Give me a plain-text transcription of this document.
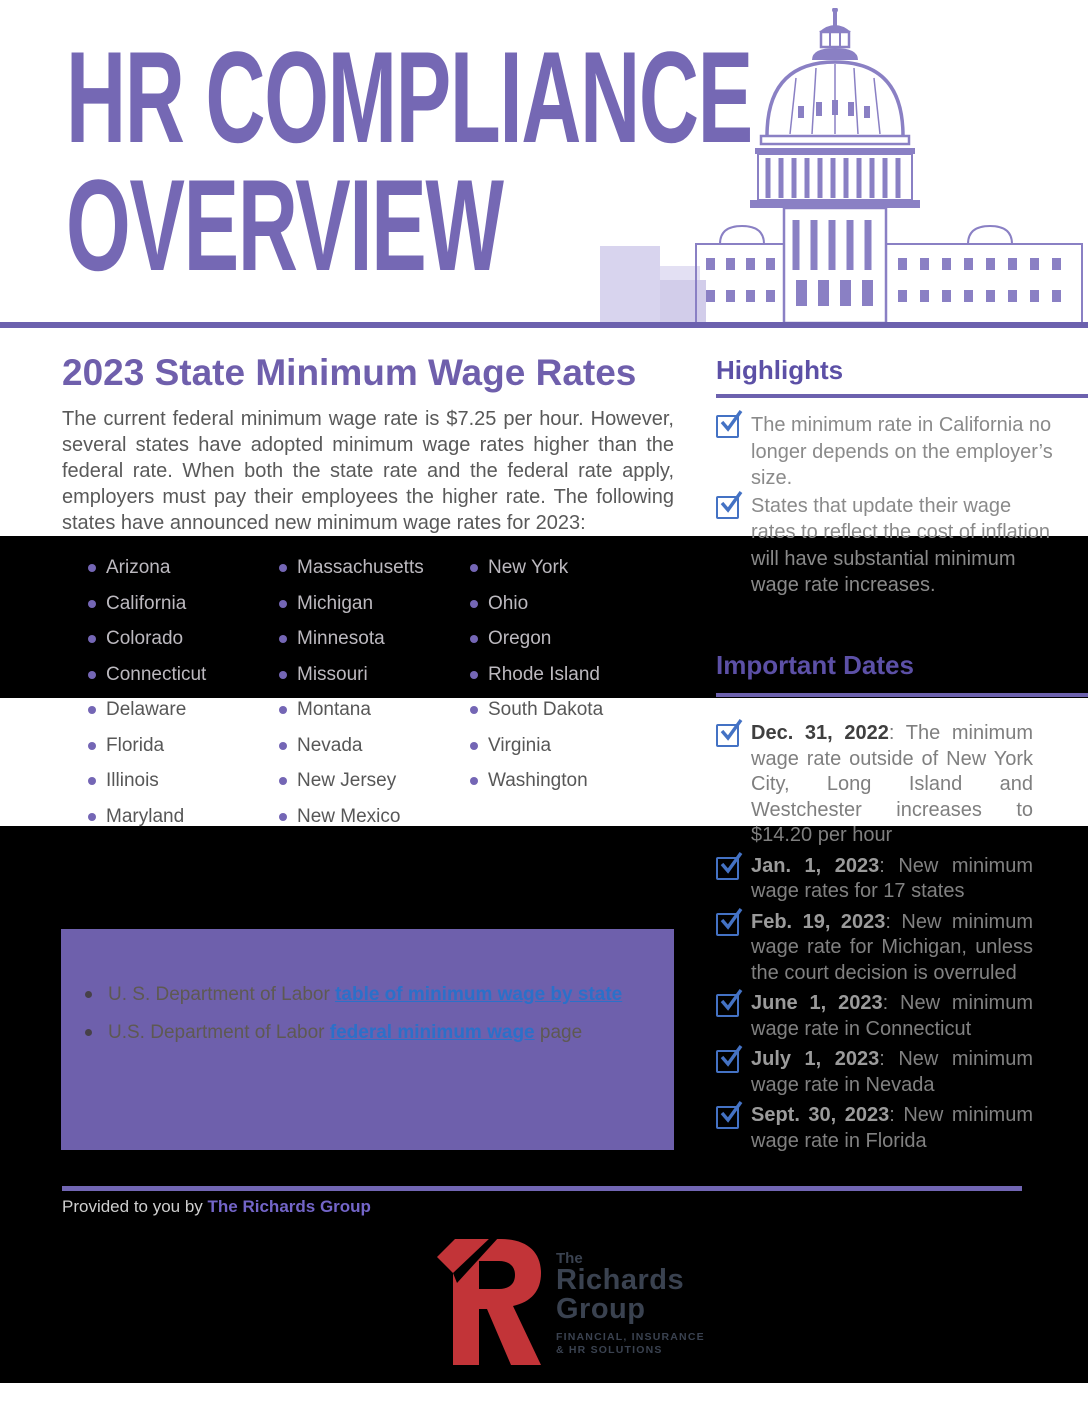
HR COMPLIANCE
OVERVIEW
2023 State Minimum Wage Rates
The current federal minimum wage rate is $7.25 per hour. However, several states have adopted minimum wage rates higher than the federal rate. When both the state rate and the federal rate apply, employers must pay their employees the higher rate. The following states have announced new minimum wage rates for 2023:
Arizona
California
Colorado
Connecticut
Delaware
Florida
Illinois
Maryland
Massachusetts
Michigan
Minnesota
Missouri
Montana
Nevada
New Jersey
New Mexico
New York
Ohio
Oregon
Rhode Island
South Dakota
Virginia
Washington
U. S. Department of Labor table of minimum wage by state
U.S. Department of Labor federal minimum wage page
Highlights
The minimum rate in California no longer depends on the employer’s size.
States that update their wage rates to reflect the cost of inflation will have substantial minimum wage rate increases.
Important Dates
Dec. 31, 2022: The minimum wage rate outside of New York City, Long Island and Westchester increases to $14.20 per hour
Jan. 1, 2023: New minimum wage rates for 17 states
Feb. 19, 2023: New minimum wage rate for Michigan, unless the court decision is overruled
June 1, 2023: New minimum wage rate in Connecticut
July 1, 2023: New minimum wage rate in Nevada
Sept. 30, 2023: New minimum wage rate in Florida
Provided to you by The Richards Group
The
Richards
Group
FINANCIAL, INSURANCE
& HR SOLUTIONS
